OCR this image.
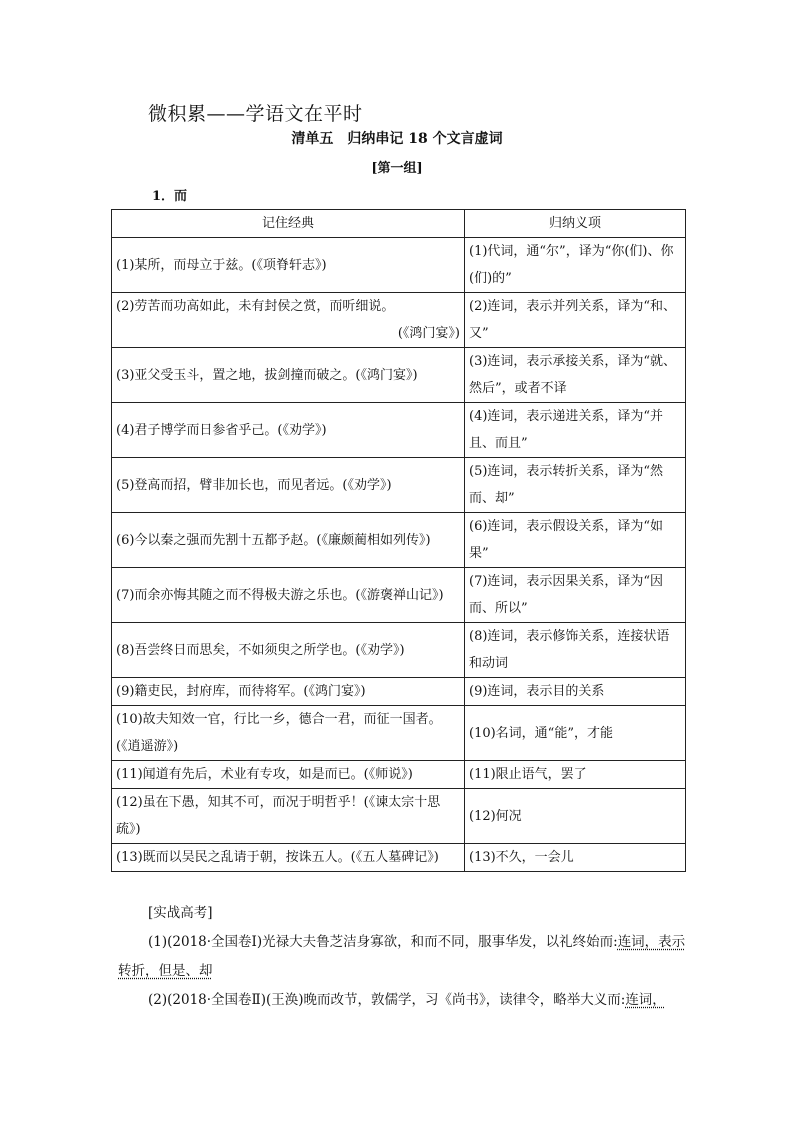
微积累——学语文在平时
清单五　归纳串记 18 个文言虚词
[第一组]
1．而
记住经典	归纳义项

(1)某所，而母立于兹。(《项脊轩志》)	(1)代词，通“尔”，译为“你(们)、你(们)的”

(2)劳苦而功高如此，未有封侯之赏，而听细说。
(《鸿门宴》)	(2)连词，表示并列关系，译为“和、又”

(3)亚父受玉斗，置之地，拔剑撞而破之。(《鸿门宴》)	(3)连词，表示承接关系，译为“就、然后”，或者不译

(4)君子博学而日参省乎己。(《劝学》)	(4)连词，表示递进关系，译为“并且、而且”

(5)登高而招，臂非加长也，而见者远。(《劝学》)	(5)连词，表示转折关系，译为“然而、却”

(6)今以秦之强而先割十五都予赵。(《廉颇蔺相如列传》)	(6)连词，表示假设关系，译为“如果”

(7)而余亦悔其随之而不得极夫游之乐也。(《游褒禅山记》)	(7)连词，表示因果关系，译为“因而、所以”

(8)吾尝终日而思矣，不如须臾之所学也。(《劝学》)	(8)连词，表示修饰关系，连接状语和动词

(9)籍吏民，封府库，而待将军。(《鸿门宴》)	(9)连词，表示目的关系

(10)故夫知效一官，行比一乡，德合一君，而征一国者。(《逍遥游》)	(10)名词，通“能”，才能

(11)闻道有先后，术业有专攻，如是而已。(《师说》)	(11)限止语气，罢了

(12)虽在下愚，知其不可，而况于明哲乎！(《谏太宗十思疏》)	(12)何况

(13)既而以吴民之乱请于朝，按诛五人。(《五人墓碑记》)	(13)不久，一会儿
[实战高考]
(1)(2018·全国卷Ⅰ)光禄大夫鲁芝洁身寡欲，和而不同，服事华发，以礼终始而:连词，表示转折，但是、却
(2)(2018·全国卷Ⅱ)(王涣)晚而改节，敦儒学，习《尚书》，读律令，略举大义而:连词，
